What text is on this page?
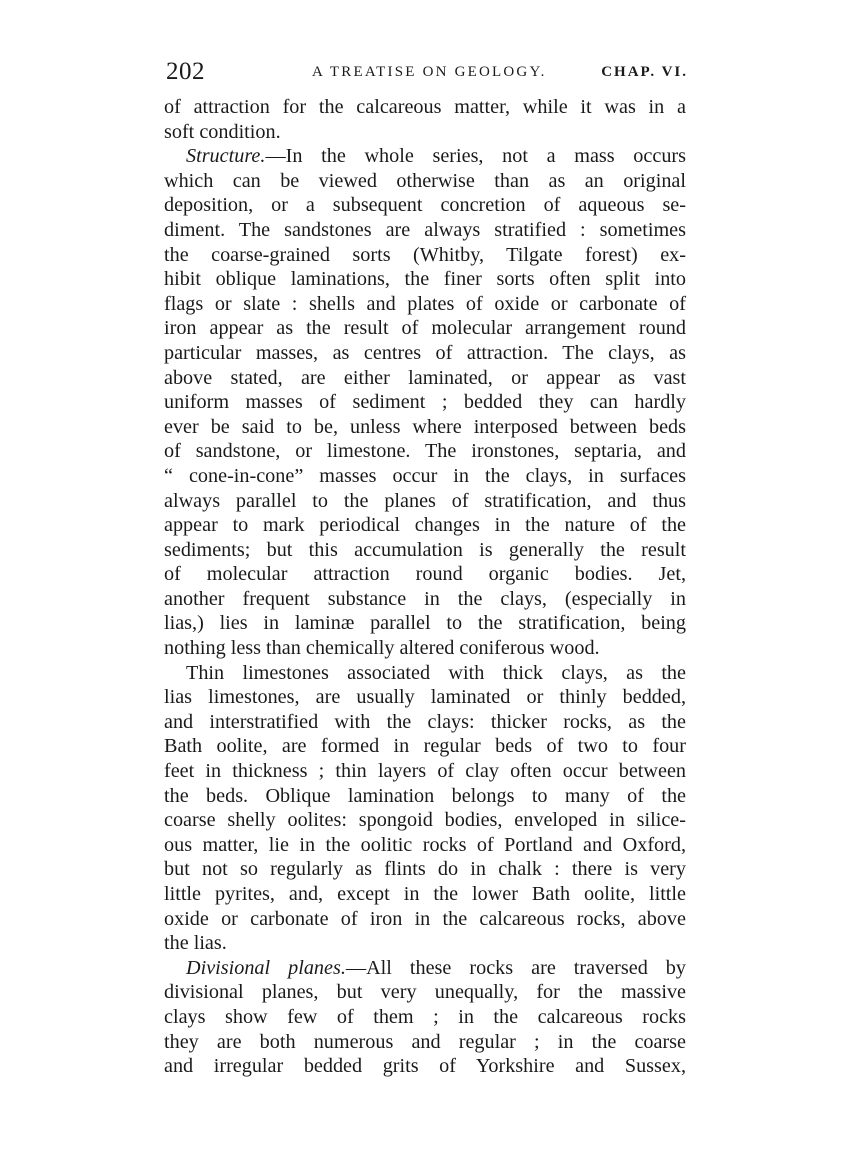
202	A TREATISE ON GEOLOGY.	CHAP. VI.
of attraction for the calcareous matter, while it was in a
soft condition.
Structure.—In the whole series, not a mass occurs
which can be viewed otherwise than as an original
deposition, or a subsequent concretion of aqueous se-
diment. The sandstones are always stratified : sometimes
the coarse-grained sorts (Whitby, Tilgate forest) ex-
hibit oblique laminations, the finer sorts often split into
flags or slate : shells and plates of oxide or carbonate of
iron appear as the result of molecular arrangement round
particular masses, as centres of attraction. The clays, as
above stated, are either laminated, or appear as vast
uniform masses of sediment ; bedded they can hardly
ever be said to be, unless where interposed between beds
of sandstone, or limestone. The ironstones, septaria, and
“ cone-in-cone” masses occur in the clays, in surfaces
always parallel to the planes of stratification, and thus
appear to mark periodical changes in the nature of the
sediments; but this accumulation is generally the result
of molecular attraction round organic bodies. Jet,
another frequent substance in the clays, (especially in
lias,) lies in laminæ parallel to the stratification, being
nothing less than chemically altered coniferous wood.
Thin limestones associated with thick clays, as the
lias limestones, are usually laminated or thinly bedded,
and interstratified with the clays: thicker rocks, as the
Bath oolite, are formed in regular beds of two to four
feet in thickness ; thin layers of clay often occur between
the beds. Oblique lamination belongs to many of the
coarse shelly oolites: spongoid bodies, enveloped in silice-
ous matter, lie in the oolitic rocks of Portland and Oxford,
but not so regularly as flints do in chalk : there is very
little pyrites, and, except in the lower Bath oolite, little
oxide or carbonate of iron in the calcareous rocks, above
the lias.
Divisional planes.—All these rocks are traversed by
divisional planes, but very unequally, for the massive
clays show few of them ; in the calcareous rocks
they are both numerous and regular ; in the coarse
and irregular bedded grits of Yorkshire and Sussex,
